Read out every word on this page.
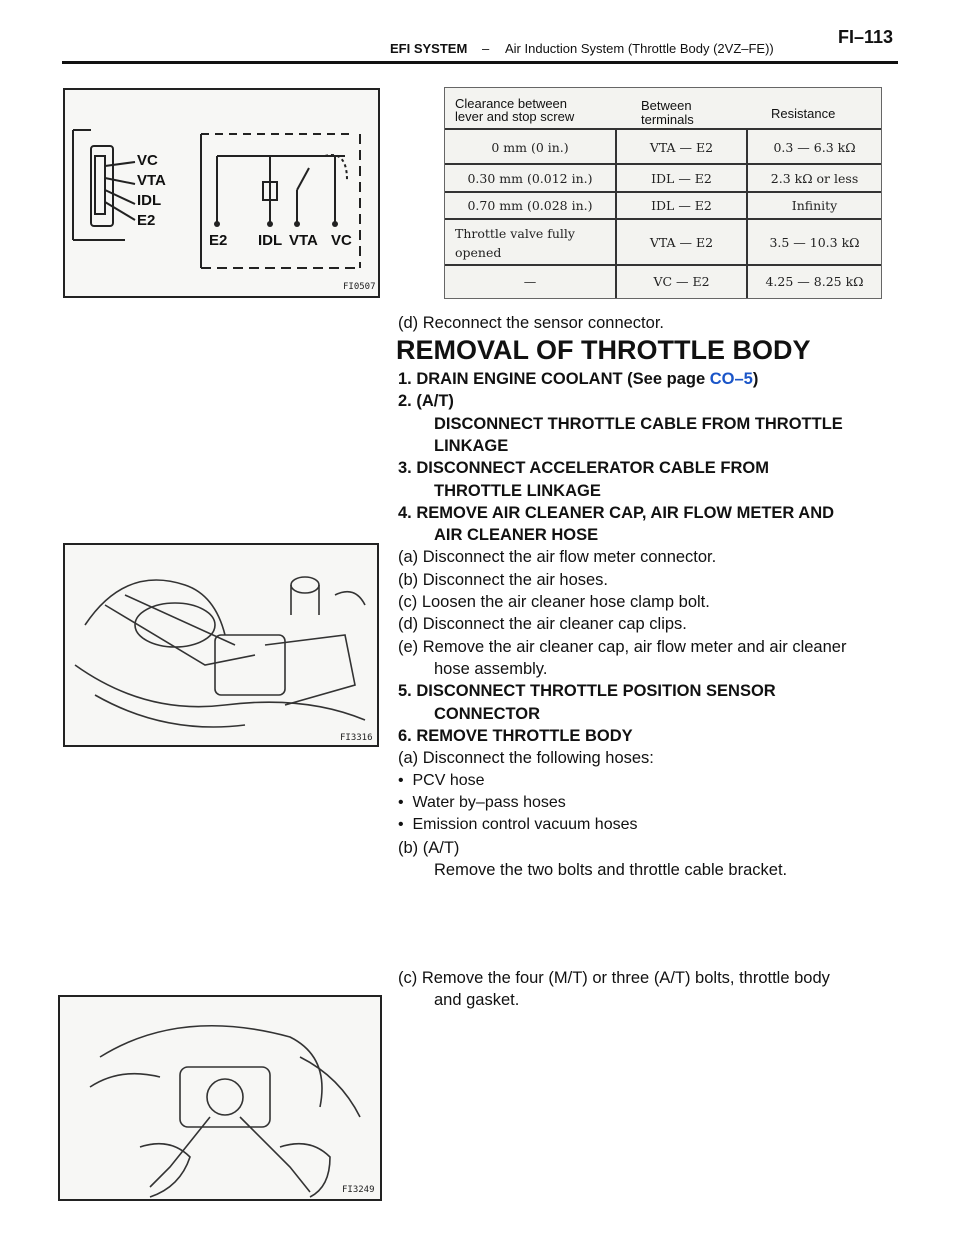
EFI SYSTEM – Air Induction System (Throttle Body (2VZ–FE))
FI–113
VC
VTA
IDL
E2
E2 IDL VTA VC
FI0507
Clearance between
lever and stop screw
Between
terminals	Resistance
0 mm (0 in.)	VTA — E2	0.3 — 6.3 kΩ
0.30 mm (0.012 in.)	IDL — E2	2.3 kΩ or less
0.70 mm (0.028 in.)	IDL — E2	Infinity
Throttle valve fully
opened
VTA — E2	3.5 — 10.3 kΩ
—	VC — E2	4.25 — 8.25 kΩ
FI3316
FI3249
(d) Reconnect the sensor connector.
REMOVAL OF THROTTLE BODY
1. DRAIN ENGINE COOLANT (See page CO–5)
2. (A/T)
DISCONNECT THROTTLE CABLE FROM THROTTLE
LINKAGE
3. DISCONNECT ACCELERATOR CABLE FROM
THROTTLE LINKAGE
4. REMOVE AIR CLEANER CAP, AIR FLOW METER AND
AIR CLEANER HOSE
(a) Disconnect the air flow meter connector.
(b) Disconnect the air hoses.
(c) Loosen the air cleaner hose clamp bolt.
(d) Disconnect the air cleaner cap clips.
(e) Remove the air cleaner cap, air flow meter and air cleaner
hose assembly.
5. DISCONNECT THROTTLE POSITION SENSOR
CONNECTOR
6. REMOVE THROTTLE BODY
(a) Disconnect the following hoses:
•  PCV hose
•  Water by–pass hoses
•  Emission control vacuum hoses
(b) (A/T)
Remove the two bolts and throttle cable bracket.
(c) Remove the four (M/T) or three (A/T) bolts, throttle body
and gasket.
